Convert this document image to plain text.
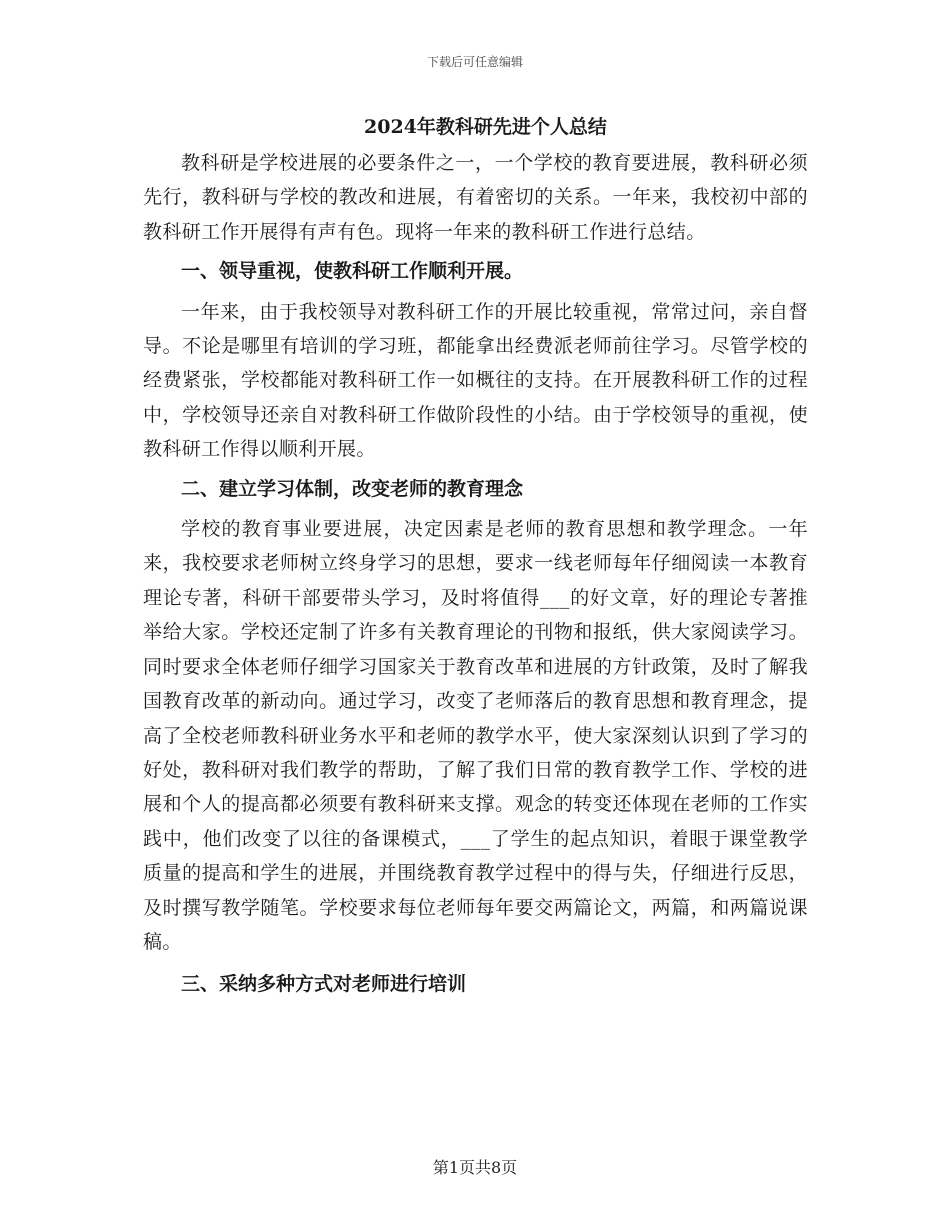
下载后可任意编辑
2024年教科研先进个人总结

教科研是学校进展的必要条件之一，一个学校的教育要进展，教科研必须先行，教科研与学校的教改和进展，有着密切的关系。一年来，我校初中部的教科研工作开展得有声有色。现将一年来的教科研工作进行总结。

一、领导重视，使教科研工作顺利开展。

一年来，由于我校领导对教科研工作的开展比较重视，常常过问，亲自督导。不论是哪里有培训的学习班，都能拿出经费派老师前往学习。尽管学校的经费紧张，学校都能对教科研工作一如概往的支持。在开展教科研工作的过程中，学校领导还亲自对教科研工作做阶段性的小结。由于学校领导的重视，使教科研工作得以顺利开展。

二、建立学习体制，改变老师的教育理念

学校的教育事业要进展，决定因素是老师的教育思想和教学理念。一年来，我校要求老师树立终身学习的思想，要求一线老师每年仔细阅读一本教育理论专著，科研干部要带头学习，及时将值得___的好文章，好的理论专著推举给大家。学校还定制了许多有关教育理论的刊物和报纸，供大家阅读学习。同时要求全体老师仔细学习国家关于教育改革和进展的方针政策，及时了解我国教育改革的新动向。通过学习，改变了老师落后的教育思想和教育理念，提高了全校老师教科研业务水平和老师的教学水平，使大家深刻认识到了学习的好处，教科研对我们教学的帮助，了解了我们日常的教育教学工作、学校的进展和个人的提高都必须要有教科研来支撑。观念的转变还体现在老师的工作实践中，他们改变了以往的备课模式，___了学生的起点知识，着眼于课堂教学质量的提高和学生的进展，并围绕教育教学过程中的得与失，仔细进行反思，及时撰写教学随笔。学校要求每位老师每年要交两篇论文，两篇，和两篇说课稿。

三、采纳多种方式对老师进行培训

第1页共8页
